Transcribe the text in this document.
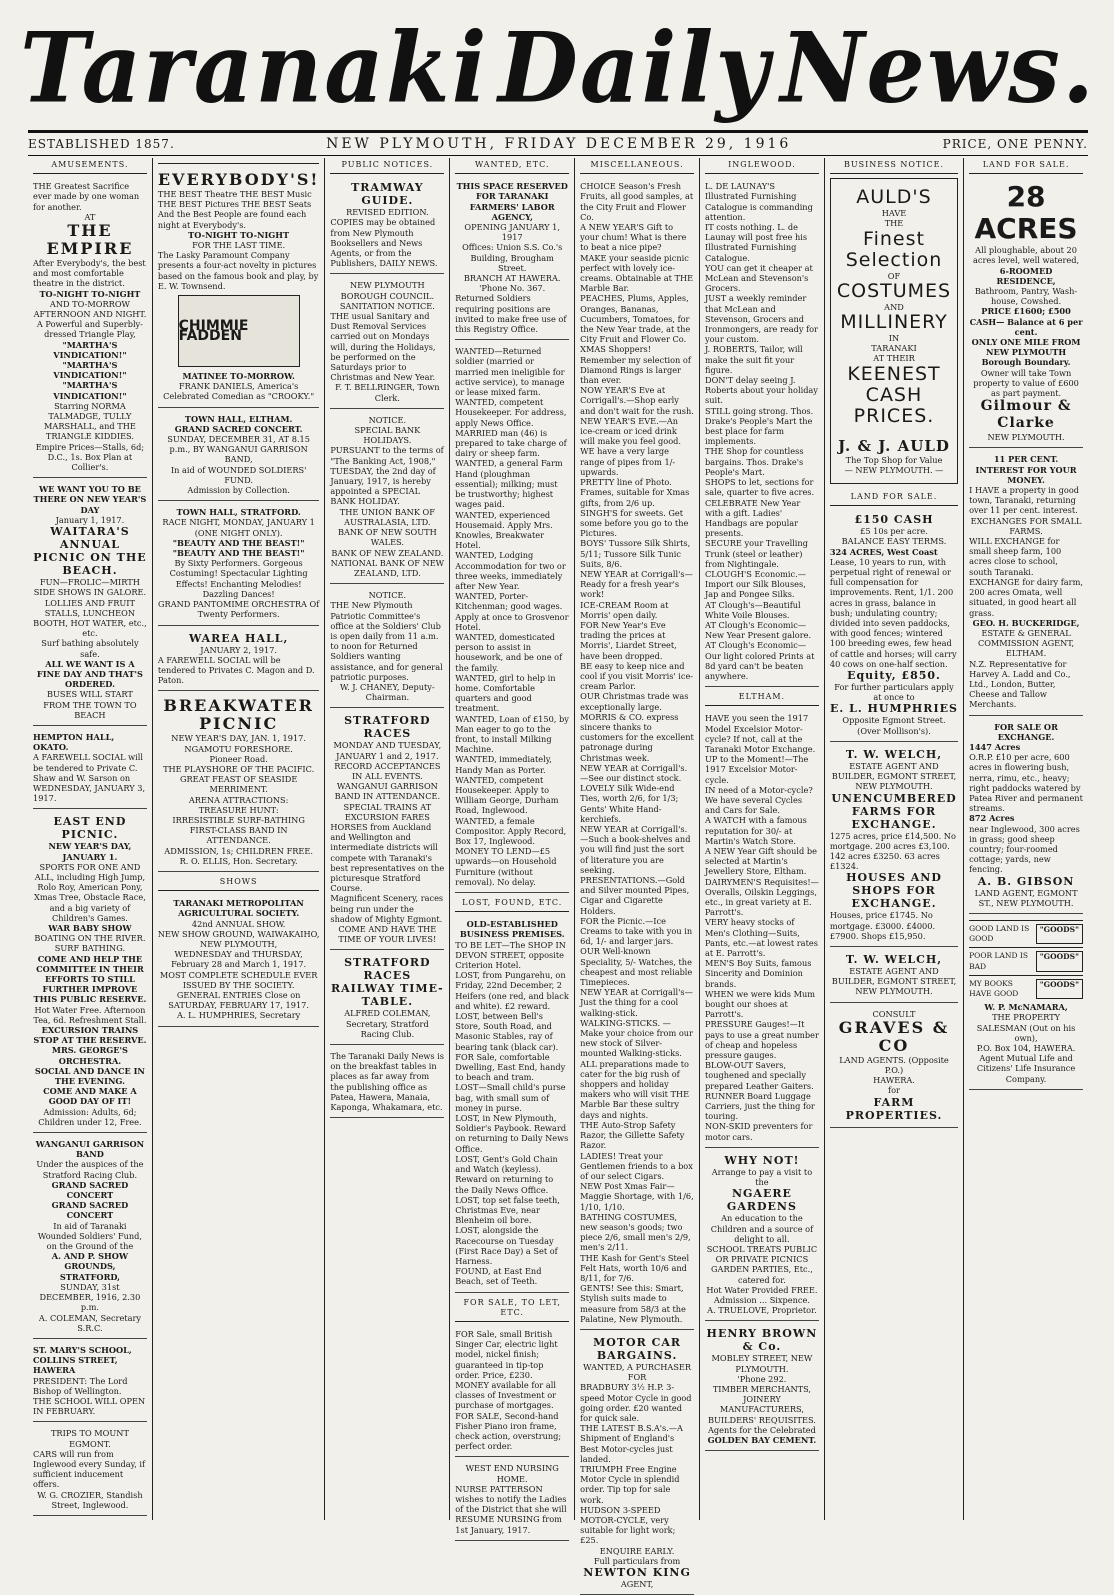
Taranaki Daily News.
ESTABLISHED 1857.	NEW PLYMOUTH, FRIDAY DECEMBER 29, 1916	PRICE, ONE PENNY.
AMUSEMENTS.
THE Greatest Sacrifice ever made by one woman for another.
AT
THE EMPIRE
After Everybody's, the best and most comfortable theatre in the district.
TO-NIGHT TO-NIGHT
AND TO-MORROW AFTERNOON AND NIGHT.
A Powerful and Superbly-dressed Triangle Play,
"MARTHA'S VINDICATION!"
"MARTHA'S VINDICATION!"
"MARTHA'S VINDICATION!"
Starring NORMA TALMADGE, TULLY MARSHALL, and THE TRIANGLE KIDDIES.
Empire Prices—Stalls, 6d; D.C., 1s. Box Plan at Collier's.
WE WANT YOU TO BE THERE ON NEW YEAR'S DAY
January 1, 1917.
WAITARA'S ANNUAL PICNIC ON THE BEACH.
FUN—FROLIC—MIRTH SIDE SHOWS IN GALORE. LOLLIES AND FRUIT STALLS, LUNCHEON BOOTH, HOT WATER, etc., etc.
Surf bathing absolutely safe.
ALL WE WANT IS A FINE DAY AND THAT'S ORDERED.
BUSES WILL START FROM THE TOWN TO BEACH
HEMPTON HALL, OKATO.
A FAREWELL SOCIAL will be tendered to Private C. Shaw and W. Sarson on WEDNESDAY, JANUARY 3, 1917.
EAST END PICNIC.
NEW YEAR'S DAY, JANUARY 1.
SPORTS FOR ONE AND ALL, including High Jump, Rolo Roy, American Pony, Xmas Tree, Obstacle Race, and a big variety of Children's Games.
WAR BABY SHOW
BOATING ON THE RIVER. SURF BATHING.
COME AND HELP THE COMMITTEE IN THEIR EFFORTS TO STILL FURTHER IMPROVE THIS PUBLIC RESERVE.
Hot Water Free. Afternoon Tea, 6d. Refreshment Stall.
EXCURSION TRAINS STOP AT THE RESERVE.
MRS. GEORGE'S ORCHESTRA.
SOCIAL AND DANCE IN THE EVENING.
COME AND MAKE A GOOD DAY OF IT!
Admission: Adults, 6d; Children under 12, Free.
WANGANUI GARRISON BAND
Under the auspices of the Stratford Racing Club.
GRAND SACRED CONCERT
GRAND SACRED CONCERT
In aid of Taranaki Wounded Soldiers' Fund, on the Ground of the
A. AND P. SHOW GROUNDS, STRATFORD,
SUNDAY, 31st DECEMBER, 1916, 2.30 p.m.
A. COLEMAN, Secretary S.R.C.
ST. MARY'S SCHOOL, COLLINS STREET, HAWERA
PRESIDENT: The Lord Bishop of Wellington.
THE SCHOOL WILL OPEN IN FEBRUARY.
TRIPS TO MOUNT EGMONT.
CARS will run from Inglewood every Sunday, if sufficient inducement offers.
W. G. CROZIER, Standish Street, Inglewood.
EVERYBODY'S!
THE BEST Theatre THE BEST Music THE BEST Pictures THE BEST Seats
And the Best People are found each night at Everybody's.
TO-NIGHT TO-NIGHT
FOR THE LAST TIME.
The Lasky Paramount Company presents a four-act novelty in pictures based on the famous book and play, by E. W. Townsend.
CHIMMIE FADDEN
MATINEE TO-MORROW.
FRANK DANIELS, America's Celebrated Comedian as "CROOKY."
TOWN HALL, ELTHAM.
GRAND SACRED CONCERT.
SUNDAY, DECEMBER 31, AT 8.15 p.m., BY WANGANUI GARRISON BAND,
In aid of WOUNDED SOLDIERS' FUND.
Admission by Collection.
TOWN HALL, STRATFORD.
RACE NIGHT, MONDAY, JANUARY 1 (ONE NIGHT ONLY).
"BEAUTY AND THE BEAST!"
"BEAUTY AND THE BEAST!"
By Sixty Performers. Gorgeous Costuming! Spectacular Lighting Effects! Enchanting Melodies! Dazzling Dances!
GRAND PANTOMIME ORCHESTRA Of Twenty Performers.
WAREA HALL,
JANUARY 2, 1917.
A FAREWELL SOCIAL will be tendered to Privates C. Magon and D. Paton.
BREAKWATER PICNIC
NEW YEAR'S DAY, JAN. 1, 1917.
NGAMOTU FORESHORE.
Pioneer Road.
THE PLAYSHORE OF THE PACIFIC. GREAT FEAST OF SEASIDE MERRIMENT.
ARENA ATTRACTIONS:
TREASURE HUNT:
IRRESISTIBLE SURF-BATHING
FIRST-CLASS BAND IN ATTENDANCE.
ADMISSION, 1s; CHILDREN FREE.
R. O. ELLIS, Hon. Secretary.
SHOWS
TARANAKI METROPOLITAN AGRICULTURAL SOCIETY.
42nd ANNUAL SHOW.
NEW SHOW GROUND, WAIWAKAIHO, NEW PLYMOUTH,
WEDNESDAY and THURSDAY, February 28 and March 1, 1917.
MOST COMPLETE SCHEDULE EVER ISSUED BY THE SOCIETY.
GENERAL ENTRIES Close on SATURDAY, FEBRUARY 17, 1917.
A. L. HUMPHRIES, Secretary
PUBLIC NOTICES.
TRAMWAY GUIDE.
REVISED EDITION.
COPIES may be obtained from New Plymouth Booksellers and News Agents, or from the Publishers, DAILY NEWS.
NEW PLYMOUTH BOROUGH COUNCIL.
SANITATION NOTICE.
THE usual Sanitary and Dust Removal Services carried out on Mondays will, during the Holidays, be performed on the Saturdays prior to Christmas and New Year.
F. T. BELLRINGER, Town Clerk.
NOTICE.
SPECIAL BANK HOLIDAYS.
PURSUANT to the terms of "The Banking Act, 1908," TUESDAY, the 2nd day of January, 1917, is hereby appointed a SPECIAL BANK HOLIDAY.
THE UNION BANK OF AUSTRALASIA, LTD.
BANK OF NEW SOUTH WALES.
BANK OF NEW ZEALAND.
NATIONAL BANK OF NEW ZEALAND, LTD.
NOTICE.
THE New Plymouth Patriotic Committee's office at the Soldiers' Club is open daily from 11 a.m. to noon for Returned Soldiers wanting assistance, and for general patriotic purposes.
W. J. CHANEY, Deputy-Chairman.
STRATFORD RACES
MONDAY AND TUESDAY, JANUARY 1 and 2, 1917.
RECORD ACCEPTANCES IN ALL EVENTS.
WANGANUI GARRISON BAND IN ATTENDANCE.
SPECIAL TRAINS AT EXCURSION FARES
HORSES from Auckland and Wellington and intermediate districts will compete with Taranaki's best representatives on the picturesque Stratford Course.
Magnificent Scenery, races being run under the shadow of Mighty Egmont.
COME AND HAVE THE TIME OF YOUR LIVES!
STRATFORD RACES RAILWAY TIME-TABLE.
ALFRED COLEMAN, Secretary, Stratford Racing Club.
The Taranaki Daily News is on the breakfast tables in places as far away from the publishing office as Patea, Hawera, Manaia, Kaponga, Whakamara, etc.
WANTED, ETC.
THIS SPACE RESERVED FOR TARANAKI FARMERS' LABOR AGENCY,
OPENING JANUARY 1, 1917
Offices: Union S.S. Co.'s Building, Brougham Street.
BRANCH AT HAWERA.
'Phone No. 367.
Returned Soldiers requiring positions are invited to make free use of this Registry Office.
WANTED—Returned soldier (married or married men ineligible for active service), to manage or lease mixed farm.
WANTED, competent Housekeeper. For address, apply News Office.
MARRIED man (46) is prepared to take charge of dairy or sheep farm.
WANTED, a general Farm Hand (ploughman essential); milking; must be trustworthy; highest wages paid.
WANTED, experienced Housemaid. Apply Mrs. Knowles, Breakwater Hotel.
WANTED, Lodging Accommodation for two or three weeks, immediately after New Year.
WANTED, Porter-Kitchenman; good wages. Apply at once to Grosvenor Hotel.
WANTED, domesticated person to assist in housework, and be one of the family.
WANTED, girl to help in home. Comfortable quarters and good treatment.
WANTED, Loan of £150, by Man eager to go to the front, to install Milking Machine.
WANTED, immediately, Handy Man as Porter.
WANTED, competent Housekeeper. Apply to William George, Durham Road, Inglewood.
WANTED, a female Compositor. Apply Record, Box 17, Inglewood.
MONEY TO LEND—£5 upwards—on Household Furniture (without removal). No delay.
LOST, FOUND, ETC.
OLD-ESTABLISHED BUSINESS PREMISES.
TO BE LET—The SHOP IN DEVON STREET, opposite Criterion Hotel.
LOST, from Pungarehu, on Friday, 22nd December, 2 Heifers (one red, and black and white). £2 reward.
LOST, between Bell's Store, South Road, and Masonic Stables, ray of bearing tank (black car).
FOR Sale, comfortable Dwelling, East End, handy to beach and tram.
LOST—Small child's purse bag, with small sum of money in purse.
LOST, in New Plymouth, Soldier's Paybook. Reward on returning to Daily News Office.
LOST, Gent's Gold Chain and Watch (keyless). Reward on returning to the Daily News Office.
LOST, top set false teeth, Christmas Eve, near Blenheim oil bore.
LOST, alongside the Racecourse on Tuesday (First Race Day) a Set of Harness.
FOUND, at East End Beach, set of Teeth.
FOR SALE, TO LET, ETC.
FOR Sale, small British Singer Car, electric light model, nickel finish; guaranteed in tip-top order. Price, £230.
MONEY available for all classes of Investment or purchase of mortgages.
FOR SALE, Second-hand Fisher Piano iron frame, check action, overstrung; perfect order.
WEST END NURSING HOME.
NURSE PATTERSON wishes to notify the Ladies of the District that she will RESUME NURSING from 1st January, 1917.
MISCELLANEOUS.
CHOICE Season's Fresh Fruits, all good samples, at the City Fruit and Flower Co.
A NEW YEAR'S Gift to your chum! What is there to beat a nice pipe?
MAKE your seaside picnic perfect with lovely ice-creams. Obtainable at THE Marble Bar.
PEACHES, Plums, Apples, Oranges, Bananas, Cucumbers, Tomatoes, for the New Year trade, at the City Fruit and Flower Co.
XMAS Shoppers! Remember my selection of Diamond Rings is larger than ever.
NOW YEAR'S Eve at Corrigall's.—Shop early and don't wait for the rush.
NEW YEAR'S EVE.—An ice-cream or iced drink will make you feel good.
WE have a very large range of pipes from 1/- upwards.
PRETTY line of Photo. Frames, suitable for Xmas gifts, from 2/6 up.
SINGH'S for sweets. Get some before you go to the Pictures.
BOYS' Tussore Silk Shirts, 5/11; Tussore Silk Tunic Suits, 8/6.
NEW YEAR at Corrigall's—Ready for a fresh year's work!
ICE-CREAM Room at Morris' open daily.
FOR New Year's Eve trading the prices at Morris', Liardet Street, have been dropped.
BE easy to keep nice and cool if you visit Morris' ice-cream Parlor.
OUR Christmas trade was exceptionally large.
MORRIS & CO. express sincere thanks to customers for the excellent patronage during Christmas week.
NEW YEAR at Corrigall's.—See our distinct stock.
LOVELY Silk Wide-end Ties, worth 2/6, for 1/3; Gents' White Hand-kerchiefs.
NEW YEAR at Corrigall's.—Such a book-shelves and you will find just the sort of literature you are seeking.
PRESENTATIONS.—Gold and Silver mounted Pipes, Cigar and Cigarette Holders.
FOR the Picnic.—Ice Creams to take with you in 6d, 1/- and larger jars.
OUR Well-known Speciality, 5/- Watches, the cheapest and most reliable Timepieces.
NEW YEAR at Corrigall's—Just the thing for a cool walking-stick.
WALKING-STICKS. — Make your choice from our new stock of Silver-mounted Walking-sticks.
ALL preparations made to cater for the big rush of shoppers and holiday makers who will visit THE Marble Bar these sultry days and nights.
THE Auto-Strop Safety Razor, the Gillette Safety Razor.
LADIES! Treat your Gentlemen friends to a box of our select Cigars.
NEW Post Xmas Fair—Maggie Shortage, with 1/6, 1/10, 1/10.
BATHING COSTUMES, new season's goods; two piece 2/6, small men's 2/9, men's 2/11.
THE Kash for Gent's Steel Felt Hats, worth 10/6 and 8/11, for 7/6.
GENTS! See this: Smart, Stylish suits made to measure from 58/3 at the Palatine, New Plymouth.
MOTOR CAR BARGAINS.
WANTED, A PURCHASER FOR
BRADBURY 3½ H.P. 3-speed Motor Cycle in good going order. £20 wanted for quick sale.
THE LATEST B.S.A's.—A Shipment of England's Best Motor-cycles just landed.
TRIUMPH Free Engine Motor Cycle in splendid order. Tip top for sale work.
HUDSON 3-SPEED MOTOR-CYCLE, very suitable for light work; £25.
ENQUIRE EARLY.
Full particulars from
NEWTON KING
AGENT,
INGLEWOOD.
L. DE LAUNAY'S Illustrated Furnishing Catalogue is commanding attention.
IT costs nothing. L. de Launay will post free his Illustrated Furnishing Catalogue.
YOU can get it cheaper at McLean and Stevenson's Grocers.
JUST a weekly reminder that McLean and Stevenson, Grocers and Ironmongers, are ready for your custom.
J. ROBERTS, Tailor, will make the suit fit your figure.
DON'T delay seeing J. Roberts about your holiday suit.
STILL going strong. Thos. Drake's People's Mart the best place for farm implements.
THE Shop for countless bargains. Thos. Drake's People's Mart.
SHOPS to let, sections for sale, quarter to five acres.
CELEBRATE New Year with a gift. Ladies' Handbags are popular presents.
SECURE your Travelling Trunk (steel or leather) from Nightingale.
CLOUGH'S Economic.—Import our Silk Blouses, Jap and Pongee Silks.
AT Clough's—Beautiful White Voile Blouses.
AT Clough's Economic—New Year Present galore.
AT Clough's Economic—Our light colored Prints at 8d yard can't be beaten anywhere.
ELTHAM.
HAVE you seen the 1917 Model Excelsior Motor-cycle? If not, call at the Taranaki Motor Exchange.
UP to the Moment!—The 1917 Excelsior Motor-cycle.
IN need of a Motor-cycle? We have several Cycles and Cars for Sale.
A WATCH with a famous reputation for 30/- at Martin's Watch Store.
A NEW Year Gift should be selected at Martin's Jewellery Store, Eltham.
DAIRYMEN'S Requisites!—Overalls, Oilskin Leggings, etc., in great variety at E. Parrott's.
VERY heavy stocks of Men's Clothing—Suits, Pants, etc.—at lowest rates at E. Parrott's.
MEN'S Boy Suits, famous Sincerity and Dominion brands.
WHEN we were kids Mum bought our shoes at Parrott's.
PRESSURE Gauges!—It pays to use a great number of cheap and hopeless pressure gauges.
BLOW-OUT Savers, toughened and specially prepared Leather Gaiters.
RUNNER Board Luggage Carriers, just the thing for touring.
NON-SKID preventers for motor cars.
WHY NOT!
Arrange to pay a visit to the
NGAERE GARDENS
An education to the Children and a source of delight to all.
SCHOOL TREATS PUBLIC OR PRIVATE PICNICS GARDEN PARTIES, Etc., catered for.
Hot Water Provided FREE.
Admission ... Sixpence.
A. TRUELOVE, Proprietor.
HENRY BROWN & Co.
MOBLEY STREET, NEW PLYMOUTH.
'Phone 292.
TIMBER MERCHANTS,
JOINERY MANUFACTURERS,
BUILDERS' REQUISITES.
Agents for the Celebrated
GOLDEN BAY CEMENT.
BUSINESS NOTICE.
AULD'S
HAVE
THE
Finest
Selection
OF
COSTUMES
AND
MILLINERY
IN
TARANAKI
AT THEIR
KEENEST
CASH
PRICES.
J. & J. AULD
The Top Shop for Value
— NEW PLYMOUTH. —
LAND FOR SALE.
£150 CASH
£5 10s per acre.
BALANCE EASY TERMS.
324 ACRES, West Coast
Lease, 10 years to run, with perpetual right of renewal or full compensation for improvements. Rent, 1/1. 200 acres in grass, balance in bush; undulating country; divided into seven paddocks, with good fences; wintered 100 breeding ewes, few head of cattle and horses; will carry 40 cows on one-half section.
Equity, £850.
For further particulars apply at once to
E. L. HUMPHRIES
Opposite Egmont Street. (Over Mollison's).
T. W. WELCH,
ESTATE AGENT AND BUILDER, EGMONT STREET, NEW PLYMOUTH.
UNENCUMBERED FARMS FOR EXCHANGE.
1275 acres, price £14,500. No mortgage. 200 acres £3,100. 142 acres £3250. 63 acres £1324.
HOUSES AND SHOPS FOR EXCHANGE.
Houses, price £1745. No mortgage. £3000. £4000. £7900. Shops £15,950.
T. W. WELCH,
ESTATE AGENT AND BUILDER, EGMONT STREET, NEW PLYMOUTH.
CONSULT
GRAVES & CO
LAND AGENTS. (Opposite P.O.)
HAWERA.
for
FARM PROPERTIES.
LAND FOR SALE.
28
ACRES
All ploughable, about 20 acres level, well watered,
6-ROOMED RESIDENCE,
Bathroom, Pantry, Wash-house, Cowshed.
PRICE £1600; £500 CASH— Balance at 6 per cent.
ONLY ONE MILE FROM NEW PLYMOUTH Borough Boundary.
Owner will take Town property to value of £600 as part payment.
Gilmour & Clarke
NEW PLYMOUTH.
11 PER CENT. INTEREST FOR YOUR MONEY.
I HAVE a property in good town, Taranaki, returning over 11 per cent. interest.
EXCHANGES FOR SMALL FARMS.
WILL EXCHANGE for small sheep farm, 100 acres close to school, south Taranaki.
EXCHANGE for dairy farm, 200 acres Omata, well situated, in good heart all grass.
GEO. H. BUCKERIDGE,
ESTATE & GENERAL COMMISSION AGENT,
ELTHAM.
N.Z. Representative for Harvey A. Ladd and Co., Ltd., London, Butter, Cheese and Tallow Merchants.
FOR SALE OR EXCHANGE.
1447 Acres
O.R.P. £10 per acre, 600 acres in flowering bush, nerra, rimu, etc., heavy; right paddocks watered by Patea River and permanent streams.
872 Acres
near Inglewood, 300 acres in grass; good sheep country; four-roomed cottage; yards, new fencing.
A. B. GIBSON
LAND AGENT, EGMONT ST., NEW PLYMOUTH.
GOOD LAND IS GOOD
"GOODS"
POOR LAND IS BAD
"GOODS"
MY BOOKS HAVE GOOD
"GOODS"
W. P. McNAMARA,
THE PROPERTY SALESMAN (Out on his own),
P.O. Box 104, HAWERA.
Agent Mutual Life and Citizens' Life Insurance Company.
